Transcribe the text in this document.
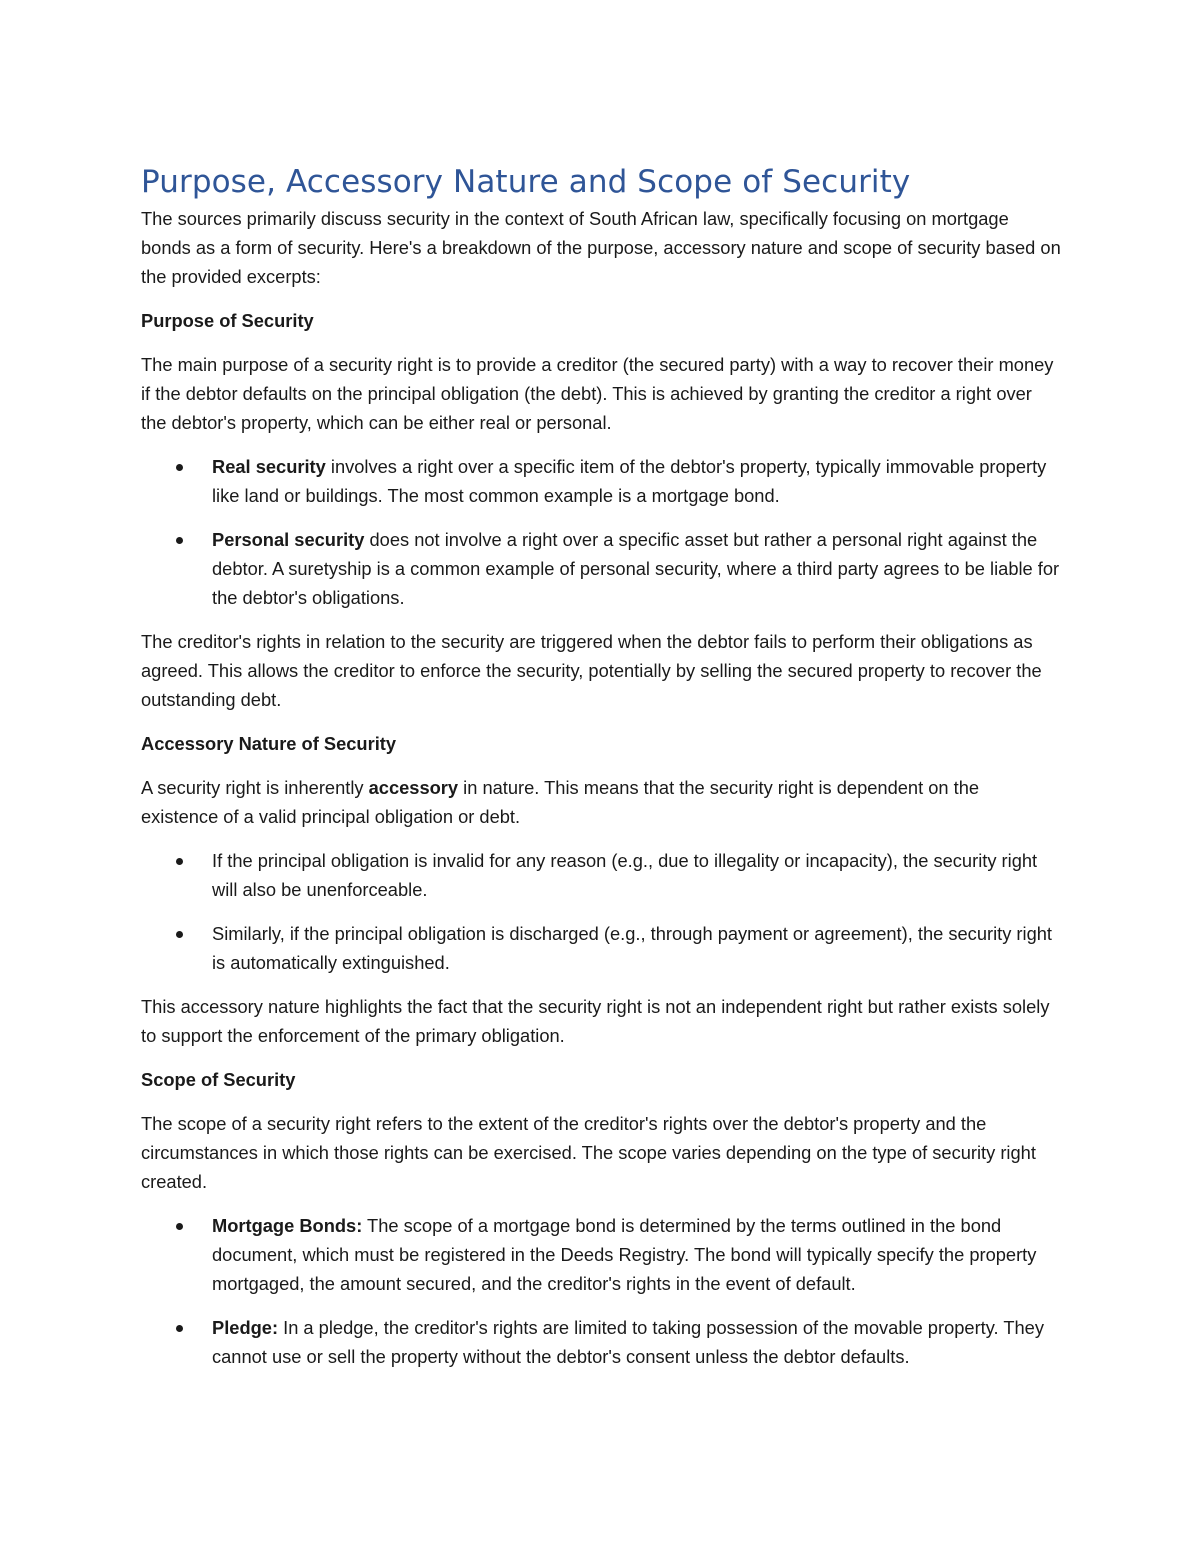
Purpose, Accessory Nature and Scope of Security

The sources primarily discuss security in the context of South African law, specifically focusing on mortgage bonds as a form of security. Here's a breakdown of the purpose, accessory nature and scope of security based on the provided excerpts:

Purpose of Security

The main purpose of a security right is to provide a creditor (the secured party) with a way to recover their money if the debtor defaults on the principal obligation (the debt). This is achieved by granting the creditor a right over the debtor's property, which can be either real or personal.

Real security involves a right over a specific item of the debtor's property, typically immovable property like land or buildings. The most common example is a mortgage bond.
Personal security does not involve a right over a specific asset but rather a personal right against the debtor. A suretyship is a common example of personal security, where a third party agrees to be liable for the debtor's obligations.

The creditor's rights in relation to the security are triggered when the debtor fails to perform their obligations as agreed. This allows the creditor to enforce the security, potentially by selling the secured property to recover the outstanding debt.

Accessory Nature of Security

A security right is inherently accessory in nature. This means that the security right is dependent on the existence of a valid principal obligation or debt.

If the principal obligation is invalid for any reason (e.g., due to illegality or incapacity), the security right will also be unenforceable.
Similarly, if the principal obligation is discharged (e.g., through payment or agreement), the security right is automatically extinguished.

This accessory nature highlights the fact that the security right is not an independent right but rather exists solely to support the enforcement of the primary obligation.

Scope of Security

The scope of a security right refers to the extent of the creditor's rights over the debtor's property and the circumstances in which those rights can be exercised. The scope varies depending on the type of security right created.

Mortgage Bonds: The scope of a mortgage bond is determined by the terms outlined in the bond document, which must be registered in the Deeds Registry. The bond will typically specify the property mortgaged, the amount secured, and the creditor's rights in the event of default.
Pledge: In a pledge, the creditor's rights are limited to taking possession of the movable property. They cannot use or sell the property without the debtor's consent unless the debtor defaults.
